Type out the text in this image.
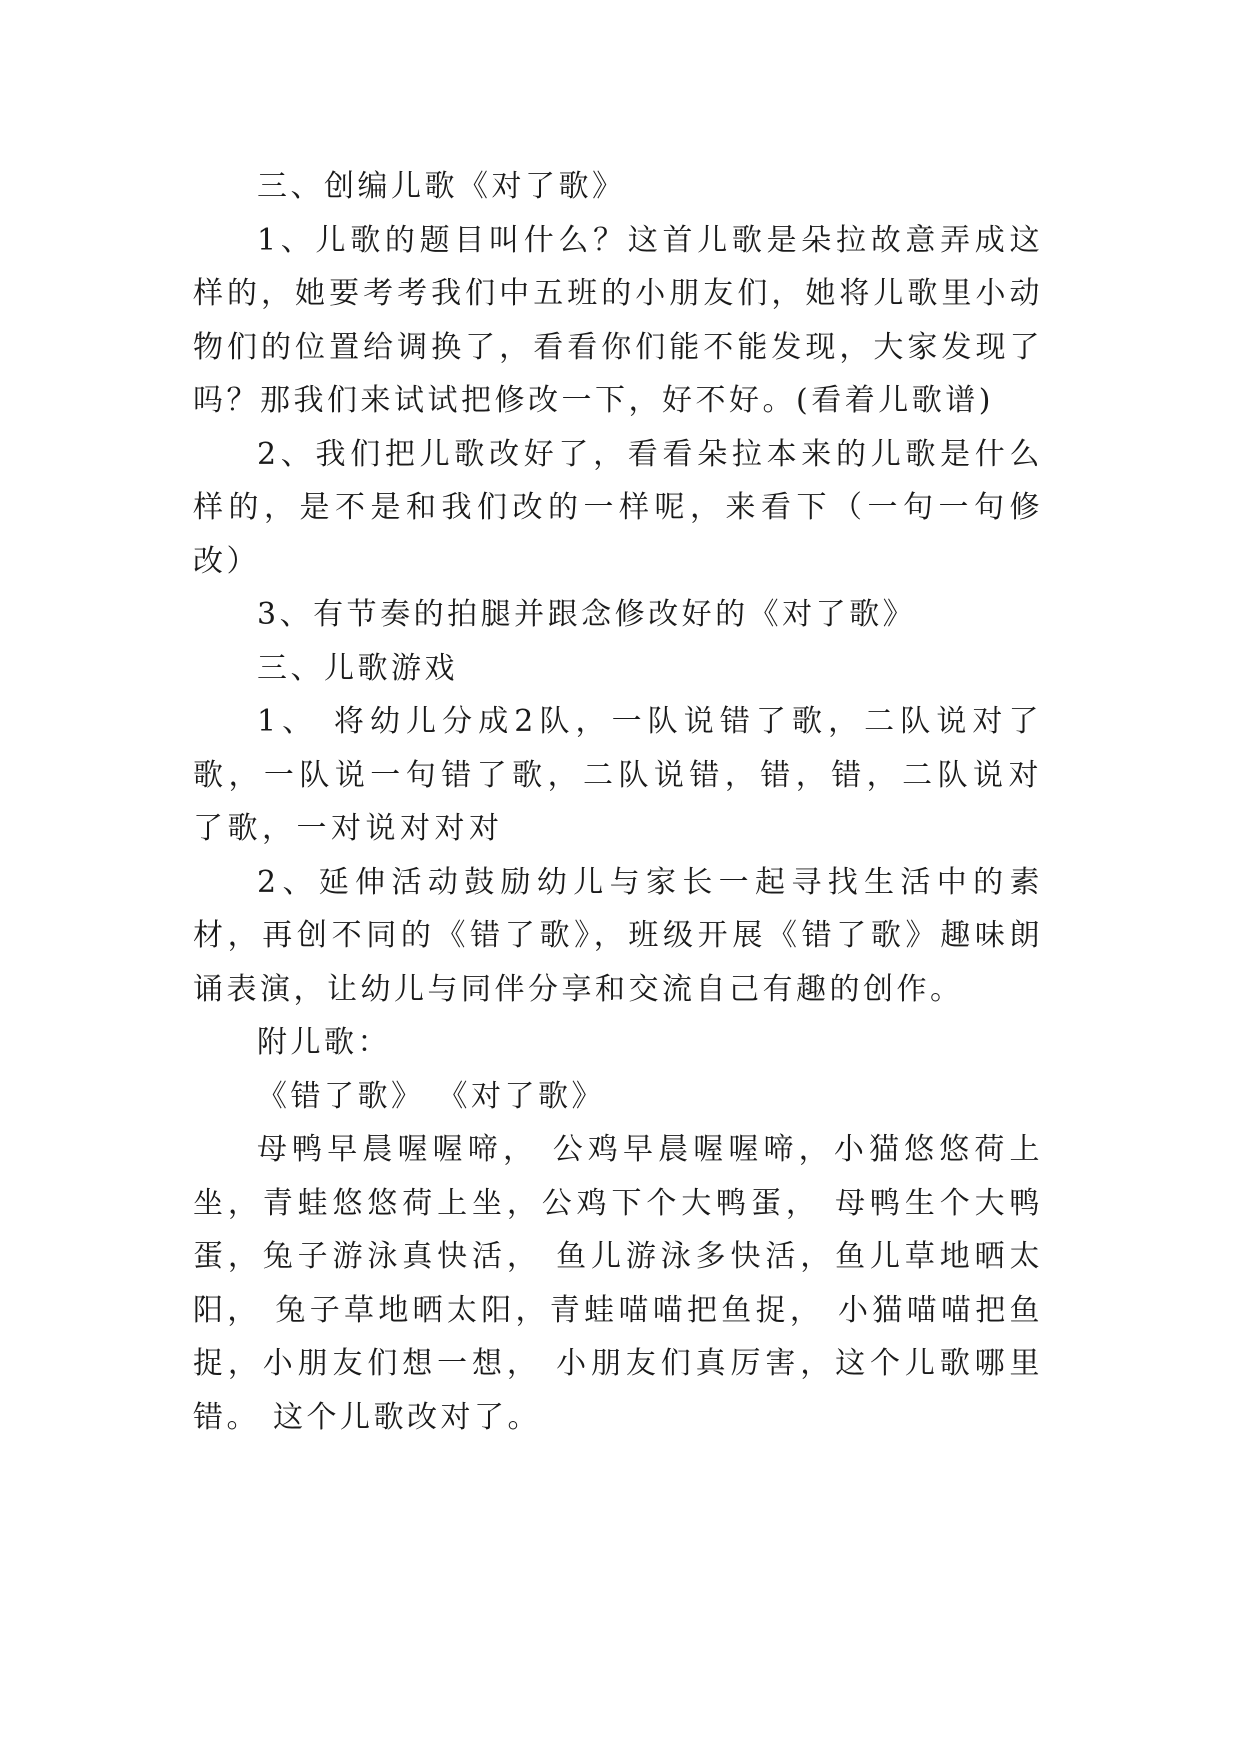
三、创编儿歌《对了歌》

1、儿歌的题目叫什么？这首儿歌是朵拉故意弄成这样的，她要考考我们中五班的小朋友们，她将儿歌里小动物们的位置给调换了，看看你们能不能发现，大家发现了吗？那我们来试试把修改一下，好不好。(看着儿歌谱)

2、我们把儿歌改好了，看看朵拉本来的儿歌是什么样的，是不是和我们改的一样呢，来看下（一句一句修改）

3、有节奏的拍腿并跟念修改好的《对了歌》

三、儿歌游戏

1、 将幼儿分成2队，一队说错了歌，二队说对了歌，一队说一句错了歌，二队说错，错，错，二队说对了歌，一对说对对对

2、延伸活动鼓励幼儿与家长一起寻找生活中的素材，再创不同的《错了歌》，班级开展《错了歌》趣味朗诵表演，让幼儿与同伴分享和交流自己有趣的创作。

附儿歌：

《错了歌》 《对了歌》

母鸭早晨喔喔啼， 公鸡早晨喔喔啼，小猫悠悠荷上坐，青蛙悠悠荷上坐，公鸡下个大鸭蛋， 母鸭生个大鸭蛋，兔子游泳真快活， 鱼儿游泳多快活，鱼儿草地晒太阳， 兔子草地晒太阳，青蛙喵喵把鱼捉， 小猫喵喵把鱼捉，小朋友们想一想， 小朋友们真厉害，这个儿歌哪里错。 这个儿歌改对了。
